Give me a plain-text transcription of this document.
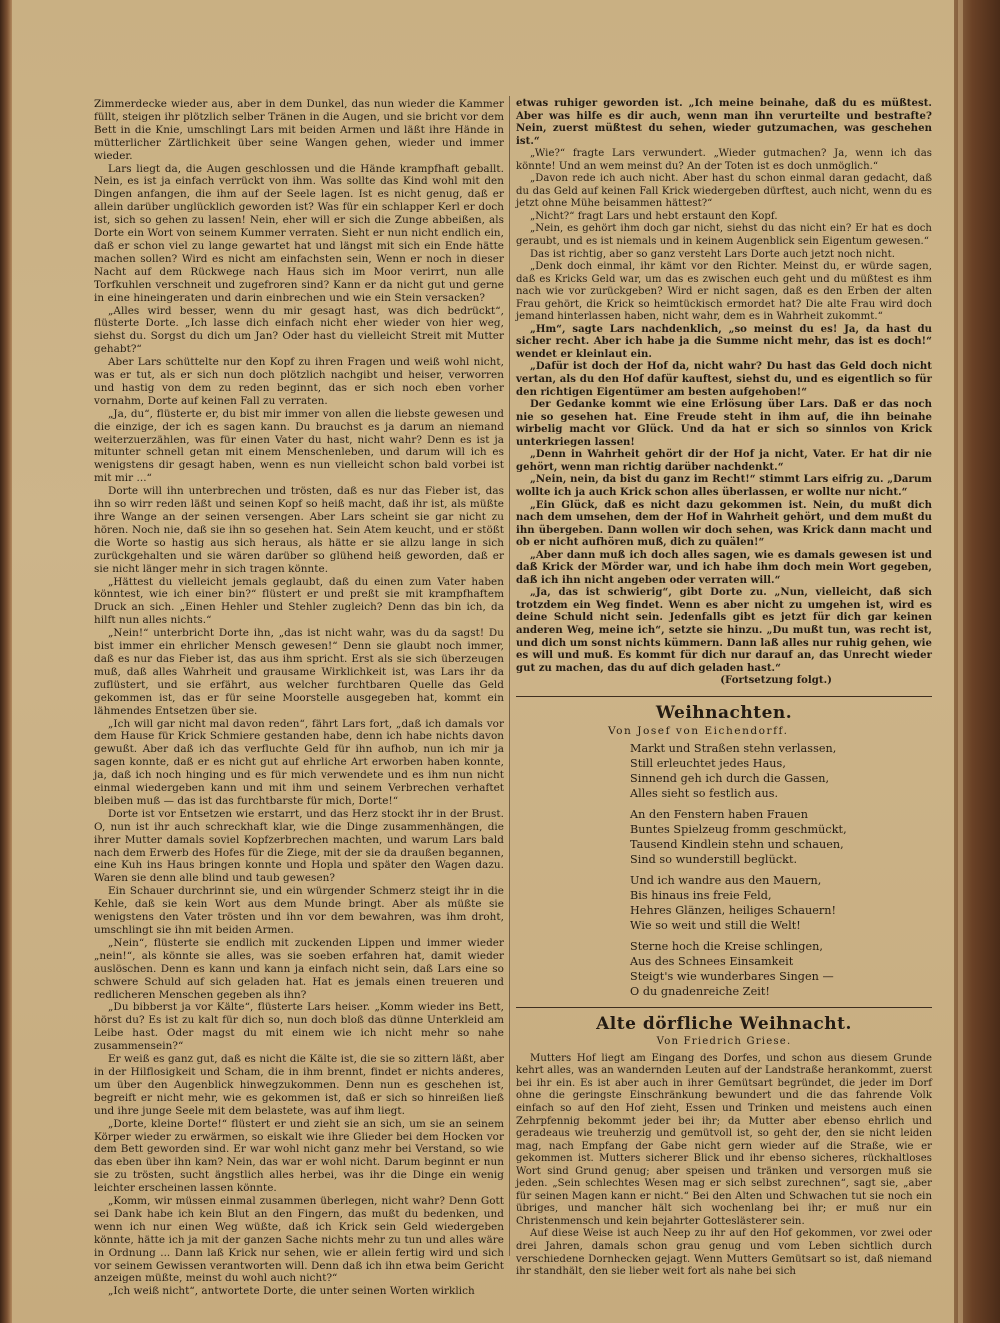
Zimmerdecke wieder aus, aber in dem Dunkel, das nun wieder die Kammer füllt, steigen ihr plötzlich selber Tränen in die Augen, und sie bricht vor dem Bett in die Knie, umschlingt Lars mit beiden Armen und läßt ihre Hände in mütterlicher Zärtlichkeit über seine Wangen gehen, wieder und immer wieder.

Lars liegt da, die Augen geschlossen und die Hände krampfhaft geballt. Nein, es ist ja einfach verrückt von ihm. Was sollte das Kind wohl mit den Dingen anfangen, die ihm auf der Seele lagen. Ist es nicht genug, daß er allein darüber unglücklich geworden ist? Was für ein schlapper Kerl er doch ist, sich so gehen zu lassen! Nein, eher will er sich die Zunge abbeißen, als Dorte ein Wort von seinem Kummer verraten. Sieht er nun nicht endlich ein, daß er schon viel zu lange gewartet hat und längst mit sich ein Ende hätte machen sollen? Wird es nicht am einfachsten sein, Wenn er noch in dieser Nacht auf dem Rückwege nach Haus sich im Moor verirrt, nun alle Torfkuhlen verschneit und zugefroren sind? Kann er da nicht gut und gerne in eine hineingeraten und darin einbrechen und wie ein Stein versacken?

„Alles wird besser, wenn du mir gesagt hast, was dich bedrückt“, flüsterte Dorte. „Ich lasse dich einfach nicht eher wieder von hier weg, siehst du. Sorgst du dich um Jan? Oder hast du vielleicht Streit mit Mutter gehabt?“

Aber Lars schüttelte nur den Kopf zu ihren Fragen und weiß wohl nicht, was er tut, als er sich nun doch plötzlich nachgibt und heiser, verworren und hastig von dem zu reden beginnt, das er sich noch eben vorher vornahm, Dorte auf keinen Fall zu verraten.

„Ja, du“, flüsterte er, du bist mir immer von allen die liebste gewesen und die einzige, der ich es sagen kann. Du brauchst es ja darum an niemand weiterzuerzählen, was für einen Vater du hast, nicht wahr? Denn es ist ja mitunter schnell getan mit einem Menschenleben, und darum will ich es wenigstens dir gesagt haben, wenn es nun vielleicht schon bald vorbei ist mit mir ...“

Dorte will ihn unterbrechen und trösten, daß es nur das Fieber ist, das ihn so wirr reden läßt und seinen Kopf so heiß macht, daß ihr ist, als müßte ihre Wange an der seinen versengen. Aber Lars scheint sie gar nicht zu hören. Noch nie, daß sie ihn so gesehen hat. Sein Atem keucht, und er stößt die Worte so hastig aus sich heraus, als hätte er sie allzu lange in sich zurückgehalten und sie wären darüber so glühend heiß geworden, daß er sie nicht länger mehr in sich tragen könnte.

„Hättest du vielleicht jemals geglaubt, daß du einen zum Vater haben könntest, wie ich einer bin?“ flüstert er und preßt sie mit krampfhaftem Druck an sich. „Einen Hehler und Stehler zugleich? Denn das bin ich, da hilft nun alles nichts.“

„Nein!“ unterbricht Dorte ihn, „das ist nicht wahr, was du da sagst! Du bist immer ein ehrlicher Mensch gewesen!“ Denn sie glaubt noch immer, daß es nur das Fieber ist, das aus ihm spricht. Erst als sie sich überzeugen muß, daß alles Wahrheit und grausame Wirklichkeit ist, was Lars ihr da zuflüstert, und sie erfährt, aus welcher furchtbaren Quelle das Geld gekommen ist, das er für seine Moorstelle ausgegeben hat, kommt ein lähmendes Entsetzen über sie.

„Ich will gar nicht mal davon reden“, fährt Lars fort, „daß ich damals vor dem Hause für Krick Schmiere gestanden habe, denn ich habe nichts davon gewußt. Aber daß ich das verfluchte Geld für ihn aufhob, nun ich mir ja sagen konnte, daß er es nicht gut auf ehrliche Art erworben haben konnte, ja, daß ich noch hinging und es für mich verwendete und es ihm nun nicht einmal wiedergeben kann und mit ihm und seinem Verbrechen verhaftet bleiben muß — das ist das furchtbarste für mich, Dorte!“

Dorte ist vor Entsetzen wie erstarrt, und das Herz stockt ihr in der Brust. O, nun ist ihr auch schreckhaft klar, wie die Dinge zusammenhängen, die ihrer Mutter damals soviel Kopfzerbrechen machten, und warum Lars bald nach dem Erwerb des Hofes für die Ziege, mit der sie da draußen begannen, eine Kuh ins Haus bringen konnte und Hopla und später den Wagen dazu. Waren sie denn alle blind und taub gewesen?

Ein Schauer durchrinnt sie, und ein würgender Schmerz steigt ihr in die Kehle, daß sie kein Wort aus dem Munde bringt. Aber als müßte sie wenigstens den Vater trösten und ihn vor dem bewahren, was ihm droht, umschlingt sie ihn mit beiden Armen.

„Nein“, flüsterte sie endlich mit zuckenden Lippen und immer wieder „nein!“, als könnte sie alles, was sie soeben erfahren hat, damit wieder auslöschen. Denn es kann und kann ja einfach nicht sein, daß Lars eine so schwere Schuld auf sich geladen hat. Hat es jemals einen treueren und redlicheren Menschen gegeben als ihn?

„Du bibberst ja vor Kälte“, flüsterte Lars heiser. „Komm wieder ins Bett, hörst du? Es ist zu kalt für dich so, nun doch bloß das dünne Unterkleid am Leibe hast. Oder magst du mit einem wie ich nicht mehr so nahe zusammensein?“

Er weiß es ganz gut, daß es nicht die Kälte ist, die sie so zittern läßt, aber in der Hilflosigkeit und Scham, die in ihm brennt, findet er nichts anderes, um über den Augenblick hinwegzukommen. Denn nun es geschehen ist, begreift er nicht mehr, wie es gekommen ist, daß er sich so hinreißen ließ und ihre junge Seele mit dem belastete, was auf ihm liegt.

„Dorte, kleine Dorte!“ flüstert er und zieht sie an sich, um sie an seinem Körper wieder zu erwärmen, so eiskalt wie ihre Glieder bei dem Hocken vor dem Bett geworden sind. Er war wohl nicht ganz mehr bei Verstand, so wie das eben über ihn kam? Nein, das war er wohl nicht. Darum beginnt er nun sie zu trösten, sucht ängstlich alles herbei, was ihr die Dinge ein wenig leichter erscheinen lassen könnte.

„Komm, wir müssen einmal zusammen überlegen, nicht wahr? Denn Gott sei Dank habe ich kein Blut an den Fingern, das mußt du bedenken, und wenn ich nur einen Weg wüßte, daß ich Krick sein Geld wiedergeben könnte, hätte ich ja mit der ganzen Sache nichts mehr zu tun und alles wäre in Ordnung ... Dann laß Krick nur sehen, wie er allein fertig wird und sich vor seinem Gewissen verantworten will. Denn daß ich ihn etwa beim Gericht anzeigen müßte, meinst du wohl auch nicht?“

„Ich weiß nicht“, antwortete Dorte, die unter seinen Worten wirklich

etwas ruhiger geworden ist. „Ich meine beinahe, daß du es müßtest. Aber was hilfe es dir auch, wenn man ihn verurteilte und bestrafte? Nein, zuerst müßtest du sehen, wieder gutzumachen, was geschehen ist.“

„Wie?“ fragte Lars verwundert. „Wieder gutmachen? Ja, wenn ich das könnte! Und an wem meinst du? An der Toten ist es doch unmöglich.“

„Davon rede ich auch nicht. Aber hast du schon einmal daran gedacht, daß du das Geld auf keinen Fall Krick wiedergeben dürftest, auch nicht, wenn du es jetzt ohne Mühe beisammen hättest?“

„Nicht?“ fragt Lars und hebt erstaunt den Kopf.

„Nein, es gehört ihm doch gar nicht, siehst du das nicht ein? Er hat es doch geraubt, und es ist niemals und in keinem Augenblick sein Eigentum gewesen.“

Das ist richtig, aber so ganz versteht Lars Dorte auch jetzt noch nicht.

„Denk doch einmal, ihr kämt vor den Richter. Meinst du, er würde sagen, daß es Kricks Geld war, um das es zwischen euch geht und du müßtest es ihm nach wie vor zurückgeben? Wird er nicht sagen, daß es den Erben der alten Frau gehört, die Krick so heimtückisch ermordet hat? Die alte Frau wird doch jemand hinterlassen haben, nicht wahr, dem es in Wahrheit zukommt.“

„Hm“, sagte Lars nachdenklich, „so meinst du es! Ja, da hast du sicher recht. Aber ich habe ja die Summe nicht mehr, das ist es doch!“ wendet er kleinlaut ein.

„Dafür ist doch der Hof da, nicht wahr? Du hast das Geld doch nicht vertan, als du den Hof dafür kauftest, siehst du, und es eigentlich so für den richtigen Eigentümer am besten aufgehoben!“

Der Gedanke kommt wie eine Erlösung über Lars. Daß er das noch nie so gesehen hat. Eine Freude steht in ihm auf, die ihn beinahe wirbelig macht vor Glück. Und da hat er sich so sinnlos von Krick unterkriegen lassen!

„Denn in Wahrheit gehört dir der Hof ja nicht, Vater. Er hat dir nie gehört, wenn man richtig darüber nachdenkt.“

„Nein, nein, da bist du ganz im Recht!“ stimmt Lars eifrig zu. „Darum wollte ich ja auch Krick schon alles überlassen, er wollte nur nicht.“

„Ein Glück, daß es nicht dazu gekommen ist. Nein, du mußt dich nach dem umsehen, dem der Hof in Wahrheit gehört, und dem mußt du ihn übergeben. Dann wollen wir doch sehen, was Krick dann macht und ob er nicht aufhören muß, dich zu quälen!“

„Aber dann muß ich doch alles sagen, wie es damals gewesen ist und daß Krick der Mörder war, und ich habe ihm doch mein Wort gegeben, daß ich ihn nicht angeben oder verraten will.“

„Ja, das ist schwierig“, gibt Dorte zu. „Nun, vielleicht, daß sich trotzdem ein Weg findet. Wenn es aber nicht zu umgehen ist, wird es deine Schuld nicht sein. Jedenfalls gibt es jetzt für dich gar keinen anderen Weg, meine ich“, setzte sie hinzu. „Du mußt tun, was recht ist, und dich um sonst nichts kümmern. Dann laß alles nur ruhig gehen, wie es will und muß. Es kommt für dich nur darauf an, das Unrecht wieder gut zu machen, das du auf dich geladen hast.“

(Fortsetzung folgt.)

Weihnachten.

Von Josef von Eichendorff.

Markt und Straßen stehn verlassen,
Still erleuchtet jedes Haus,
Sinnend geh ich durch die Gassen,
Alles sieht so festlich aus.
An den Fenstern haben Frauen
Buntes Spielzeug fromm geschmückt,
Tausend Kindlein stehn und schauen,
Sind so wunderstill beglückt.
Und ich wandre aus den Mauern,
Bis hinaus ins freie Feld,
Hehres Glänzen, heiliges Schauern!
Wie so weit und still die Welt!
Sterne hoch die Kreise schlingen,
Aus des Schnees Einsamkeit
Steigt's wie wunderbares Singen —
O du gnadenreiche Zeit!
Alte dörfliche Weihnacht.

Von Friedrich Griese.

Mutters Hof liegt am Eingang des Dorfes, und schon aus diesem Grunde kehrt alles, was an wandernden Leuten auf der Landstraße herankommt, zuerst bei ihr ein. Es ist aber auch in ihrer Gemütsart begründet, die jeder im Dorf ohne die geringste Einschränkung bewundert und die das fahrende Volk einfach so auf den Hof zieht, Essen und Trinken und meistens auch einen Zehrpfennig bekommt jeder bei ihr; da Mutter aber ebenso ehrlich und geradeaus wie treuherzig und gemütvoll ist, so geht der, den sie nicht leiden mag, nach Empfang der Gabe nicht gern wieder auf die Straße, wie er gekommen ist. Mutters sicherer Blick und ihr ebenso sicheres, rückhaltloses Wort sind Grund genug; aber speisen und tränken und versorgen muß sie jeden. „Sein schlechtes Wesen mag er sich selbst zurechnen“, sagt sie, „aber für seinen Magen kann er nicht.“ Bei den Alten und Schwachen tut sie noch ein übriges, und mancher hält sich wochenlang bei ihr; er muß nur ein Christenmensch und kein bejahrter Gotteslästerer sein.

Auf diese Weise ist auch Neep zu ihr auf den Hof gekommen, vor zwei oder drei Jahren, damals schon grau genug und vom Leben sichtlich durch verschiedene Dornhecken gejagt. Wenn Mutters Gemütsart so ist, daß niemand ihr standhält, den sie lieber weit fort als nahe bei sich
